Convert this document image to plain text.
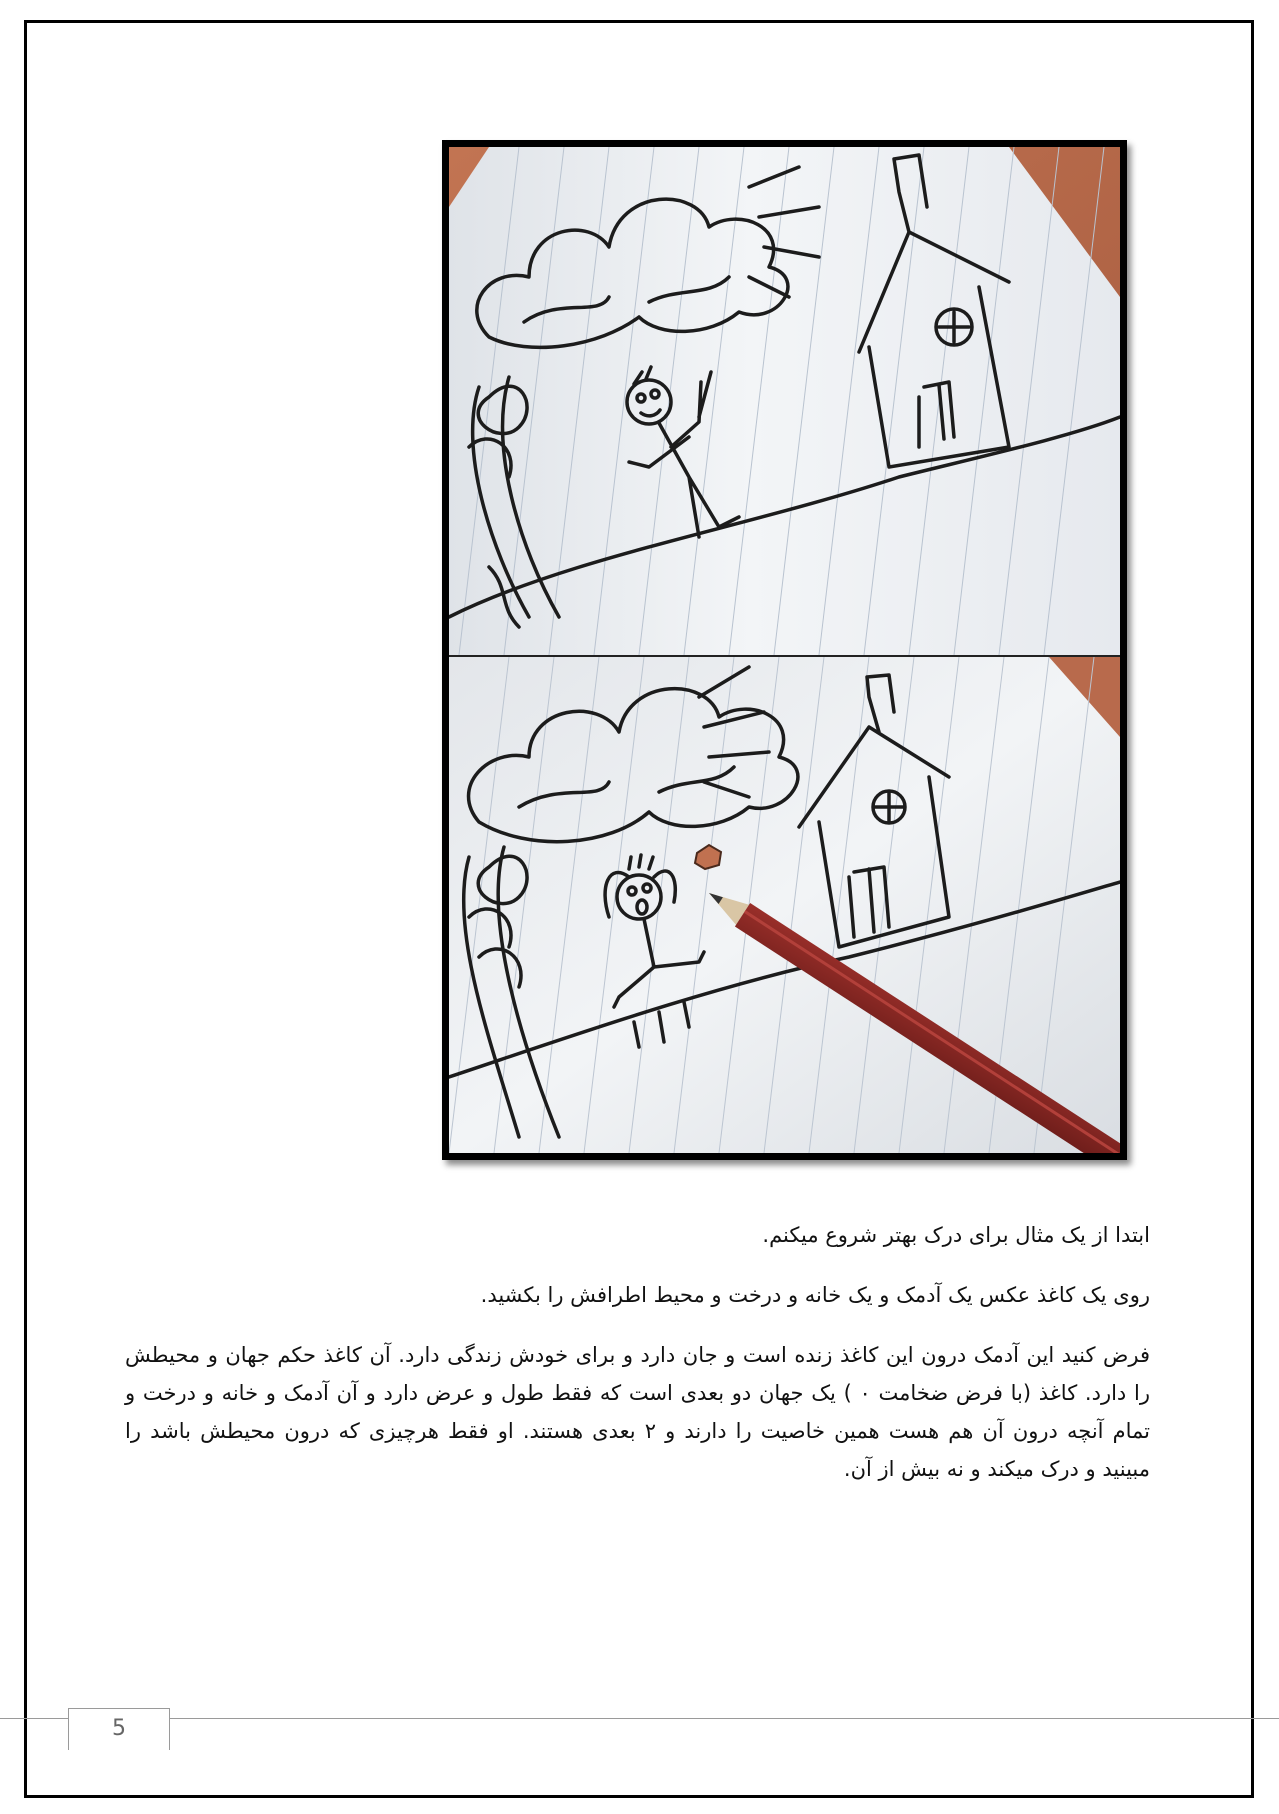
ابتدا از یک مثال برای درک بهتر شروع میکنم.

روی یک کاغذ عکس یک آدمک و یک خانه و درخت و محیط اطرافش را بکشید.

فرض کنید این آدمک درون این کاغذ زنده است و جان دارد و برای خودش زندگی دارد. آن کاغذ حکم جهان و محیطش را دارد. کاغذ (با فرض ضخامت ۰ ) یک جهان دو بعدی است که فقط طول و عرض دارد و آن آدمک و خانه و درخت و تمام آنچه درون آن هم هست همین خاصیت را دارند و ۲ بعدی هستند. او فقط هرچیزی که درون محیطش باشد را مبینید و درک میکند و نه بیش از آن.

5
